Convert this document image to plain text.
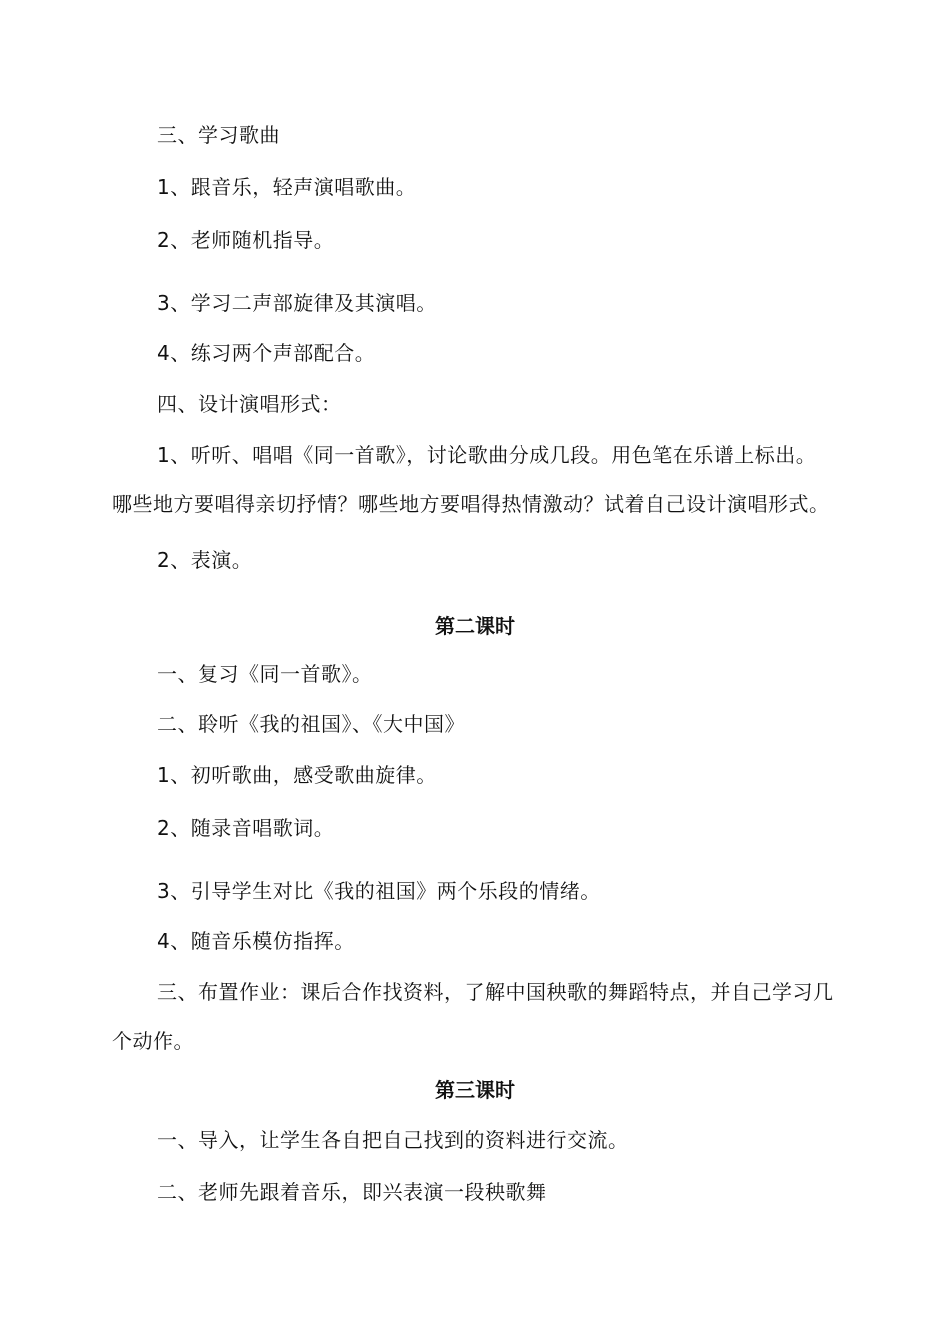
三、学习歌曲
1、跟音乐，轻声演唱歌曲。
2、老师随机指导。
3、学习二声部旋律及其演唱。
4、练习两个声部配合。
四、设计演唱形式：
1、听听、唱唱《同一首歌》，讨论歌曲分成几段。用色笔在乐谱上标出。
哪些地方要唱得亲切抒情？哪些地方要唱得热情激动？试着自己设计演唱形式。
2、表演。
第二课时
一、复习《同一首歌》。
二、聆听《我的祖国》、《大中国》
1、初听歌曲，感受歌曲旋律。
2、随录音唱歌词。
3、引导学生对比《我的祖国》两个乐段的情绪。
4、随音乐模仿指挥。
三、布置作业：课后合作找资料，了解中国秧歌的舞蹈特点，并自己学习几
个动作。
第三课时
一、导入，让学生各自把自己找到的资料进行交流。
二、老师先跟着音乐，即兴表演一段秧歌舞
